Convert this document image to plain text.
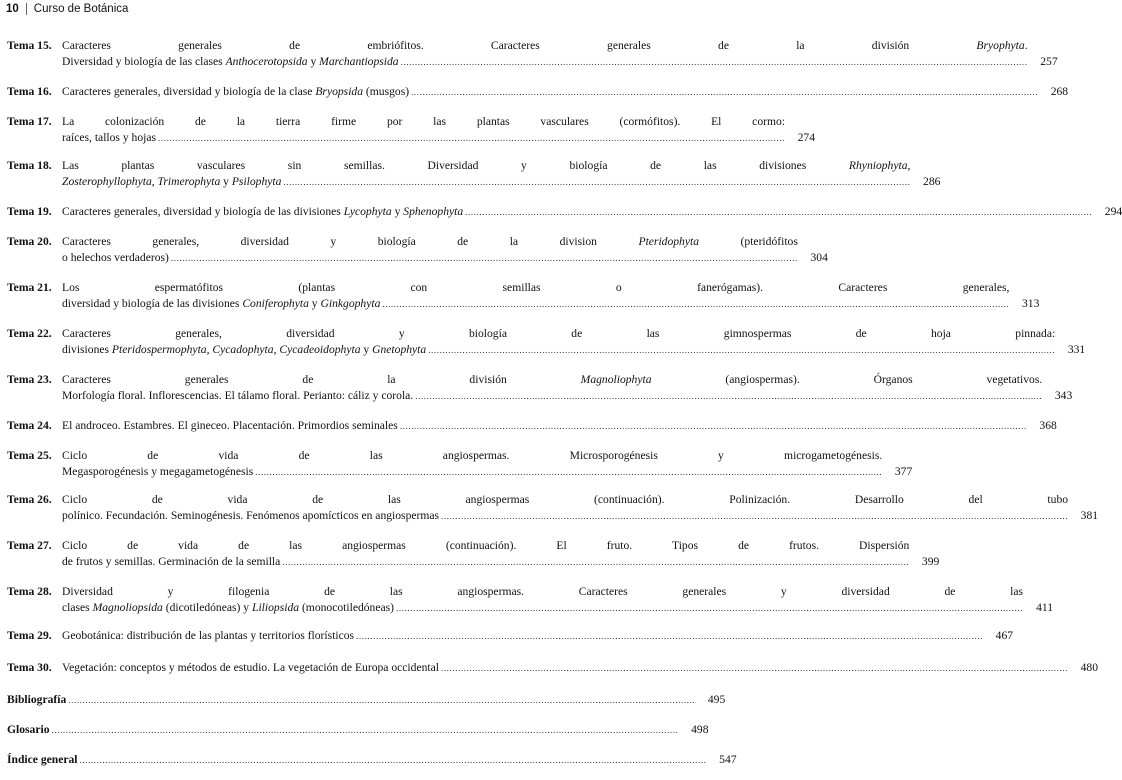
10 Curso de Botánica
Tema 15. Caracteres generales de embriófitos. Caracteres generales de la división Bryophyta.
Diversidad y biología de las clases Anthocerotopsida y Marchantiopsida ............................................................................................................................................................................................................................	257
Tema 16. Caracteres generales, diversidad y biología de la clase Bryopsida (musgos) ............................................................................................................................................................................................................................	268
Tema 17. La colonización de la tierra firme por las plantas vasculares (cormófitos). El cormo:
raíces, tallos y hojas ............................................................................................................................................................................................................................	274
Tema 18. Las plantas vasculares sin semillas. Diversidad y biología de las divisiones Rhyniophyta,
Zosterophyllophyta, Trimerophyta y Psilophyta ............................................................................................................................................................................................................................	286
Tema 19. Caracteres generales, diversidad y biología de las divisiones Lycophyta y Sphenophyta ............................................................................................................................................................................................................................	294
Tema 20. Caracteres generales, diversidad y biología de la division Pteridophyta (pteridófitos
o helechos verdaderos) ............................................................................................................................................................................................................................	304
Tema 21. Los espermatófitos (plantas con semillas o fanerógamas). Caracteres generales,
diversidad y biología de las divisiones Coniferophyta y Ginkgophyta ............................................................................................................................................................................................................................	313
Tema 22. Caracteres generales, diversidad y biología de las gimnospermas de hoja pinnada:
divisiones Pteridospermophyta, Cycadophyta, Cycadeoidophyta y Gnetophyta ............................................................................................................................................................................................................................	331
Tema 23. Caracteres generales de la división Magnoliophyta (angiospermas). Órganos vegetativos.
Morfología floral. Inflorescencias. El tálamo floral. Perianto: cáliz y corola. ............................................................................................................................................................................................................................	343
Tema 24. El androceo. Estambres. El gineceo. Placentación. Primordios seminales ............................................................................................................................................................................................................................	368
Tema 25. Ciclo de vida de las angiospermas. Microsporogénesis y microgametogénesis.
Megasporogénesis y megagametogénesis ............................................................................................................................................................................................................................	377
Tema 26. Ciclo de vida de las angiospermas (continuación). Polinización. Desarrollo del tubo
polínico. Fecundación. Seminogénesis. Fenómenos apomícticos en angiospermas ............................................................................................................................................................................................................................	381
Tema 27. Ciclo de vida de las angiospermas (continuación). El fruto. Tipos de frutos. Dispersión
de frutos y semillas. Germinación de la semilla ............................................................................................................................................................................................................................	399
Tema 28. Diversidad y filogenia de las angiospermas. Caracteres generales y diversidad de las
clases Magnoliopsida (dicotiledóneas) y Liliopsida (monocotiledóneas) ............................................................................................................................................................................................................................	411
Tema 29. Geobotánica: distribución de las plantas y territorios florísticos ............................................................................................................................................................................................................................	467
Tema 30. Vegetación: conceptos y métodos de estudio. La vegetación de Europa occidental ............................................................................................................................................................................................................................	480
Bibliografía ............................................................................................................................................................................................................................	495
Glosario ............................................................................................................................................................................................................................	498
Índice general ............................................................................................................................................................................................................................	547
